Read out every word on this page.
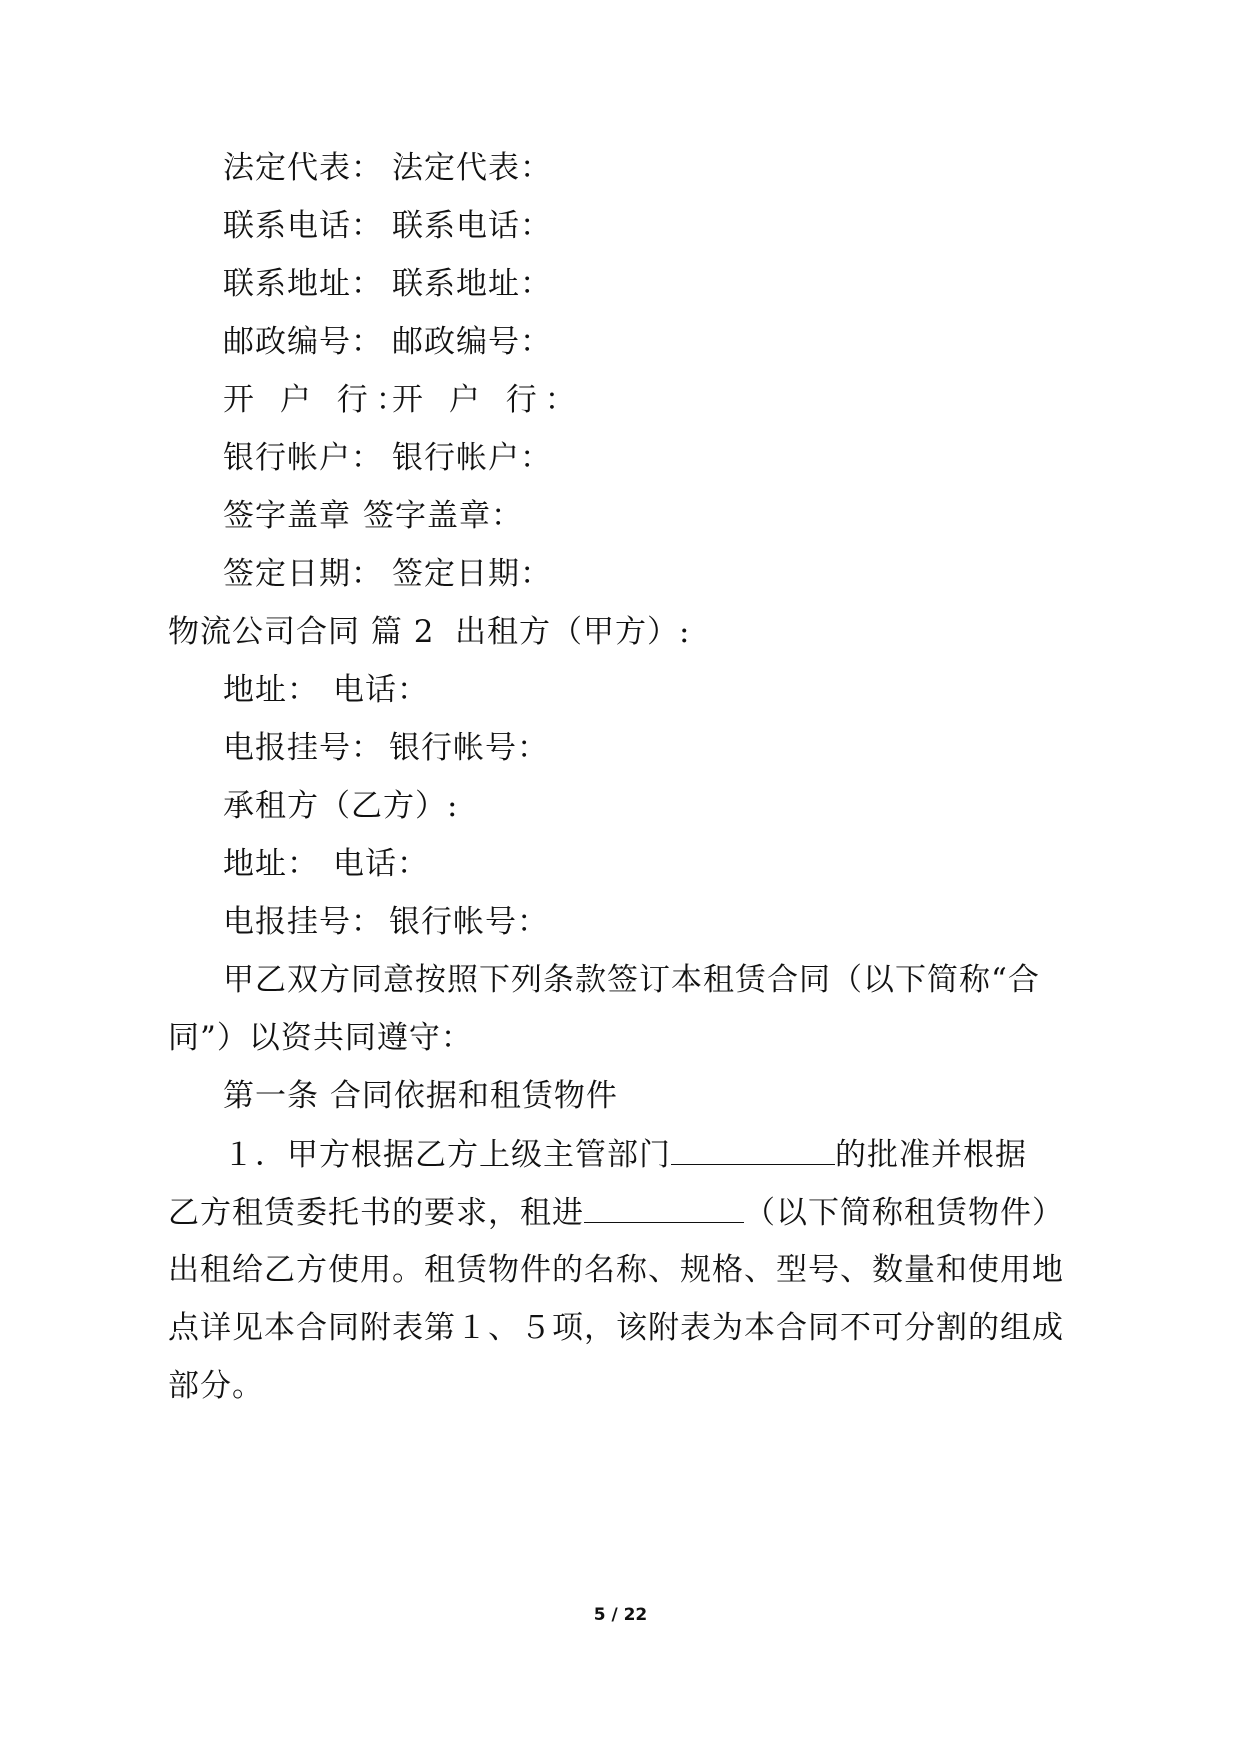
法定代表： 法定代表：
联系电话： 联系电话：
联系地址： 联系地址：
邮政编号： 邮政编号：
开 户 行：
开 户 行：
银行帐户： 银行帐户：
签字盖章 签字盖章：
签定日期： 签定日期：
物流公司合同 篇 2 出租方（甲方）:
地址： 电话：
电报挂号： 银行帐号：
承租方（乙方）:
地址： 电话：
电报挂号： 银行帐号：
甲乙双方同意按照下列条款签订本租赁合同（以下简称“合
同”）以资共同遵守：
第一条 合同依据和租赁物件
１．甲方根据乙方上级主管部门	的批准并根据
乙方租赁委托书的要求，租进	（以下简称租赁物件）
出租给乙方使用。租赁物件的名称、规格、型号、数量和使用地
点详见本合同附表第１、５项，该附表为本合同不可分割的组成
部分。
5 / 22
